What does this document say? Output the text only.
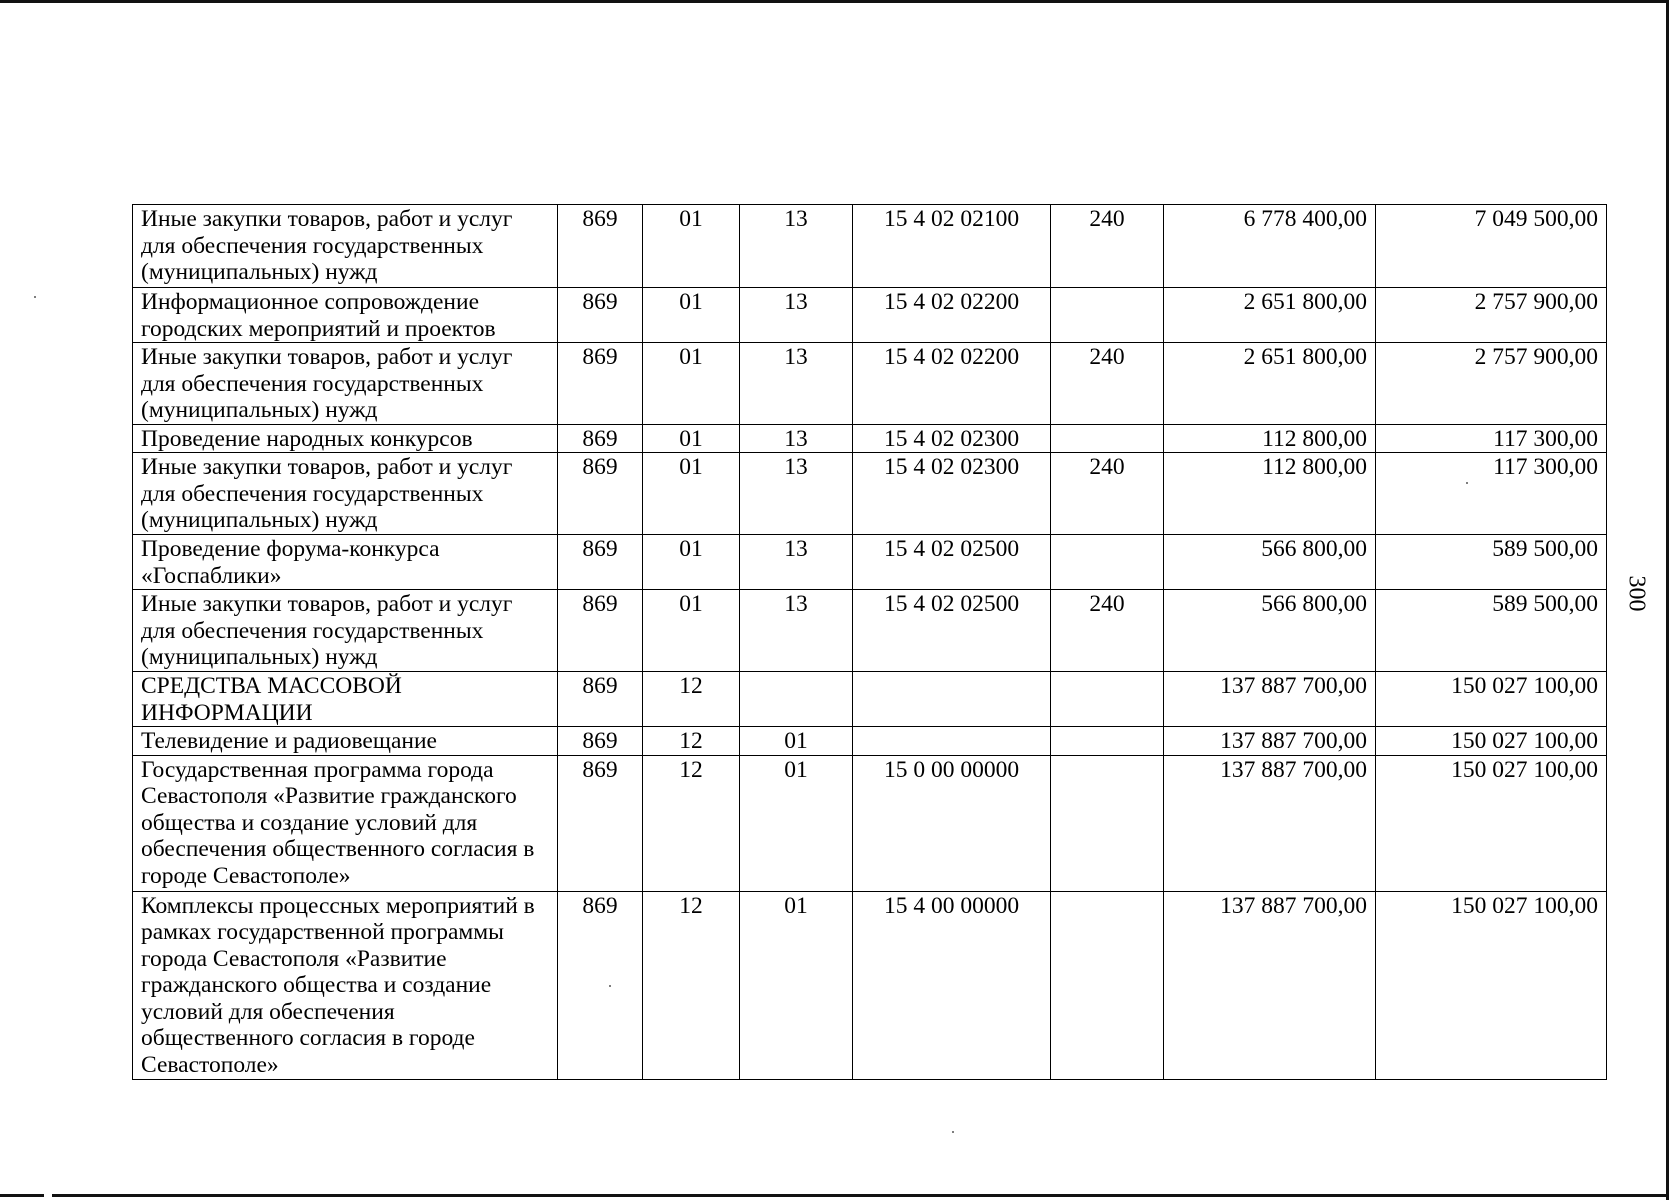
Иные закупки товаров, работ и услуг для обеспечения государственных (муниципальных) нужд	869	01	13	15 4 02 02100	240	6 778 400,00	7 049 500,00
Информационное сопровождение городских мероприятий и проектов	869	01	13	15 4 02 02200		2 651 800,00	2 757 900,00
Иные закупки товаров, работ и услуг для обеспечения государственных (муниципальных) нужд	869	01	13	15 4 02 02200	240	2 651 800,00	2 757 900,00
Проведение народных конкурсов	869	01	13	15 4 02 02300		112 800,00	117 300,00
Иные закупки товаров, работ и услуг для обеспечения государственных (муниципальных) нужд	869	01	13	15 4 02 02300	240	112 800,00	117 300,00
Проведение форума-конкурса «Госпаблики»	869	01	13	15 4 02 02500		566 800,00	589 500,00
Иные закупки товаров, работ и услуг для обеспечения государственных (муниципальных) нужд	869	01	13	15 4 02 02500	240	566 800,00	589 500,00
СРЕДСТВА МАССОВОЙ ИНФОРМАЦИИ	869	12				137 887 700,00	150 027 100,00
Телевидение и радиовещание	869	12	01			137 887 700,00	150 027 100,00
Государственная программа города Севастополя «Развитие гражданского общества и создание условий для обеспечения общественного согласия в городе Севастополе»	869	12	01	15 0 00 00000		137 887 700,00	150 027 100,00
Комплексы процессных мероприятий в рамках государственной программы города Севастополя «Развитие гражданского общества и создание условий для обеспечения общественного согласия в городе Севастополе»	869	12	01	15 4 00 00000		137 887 700,00	150 027 100,00
300
